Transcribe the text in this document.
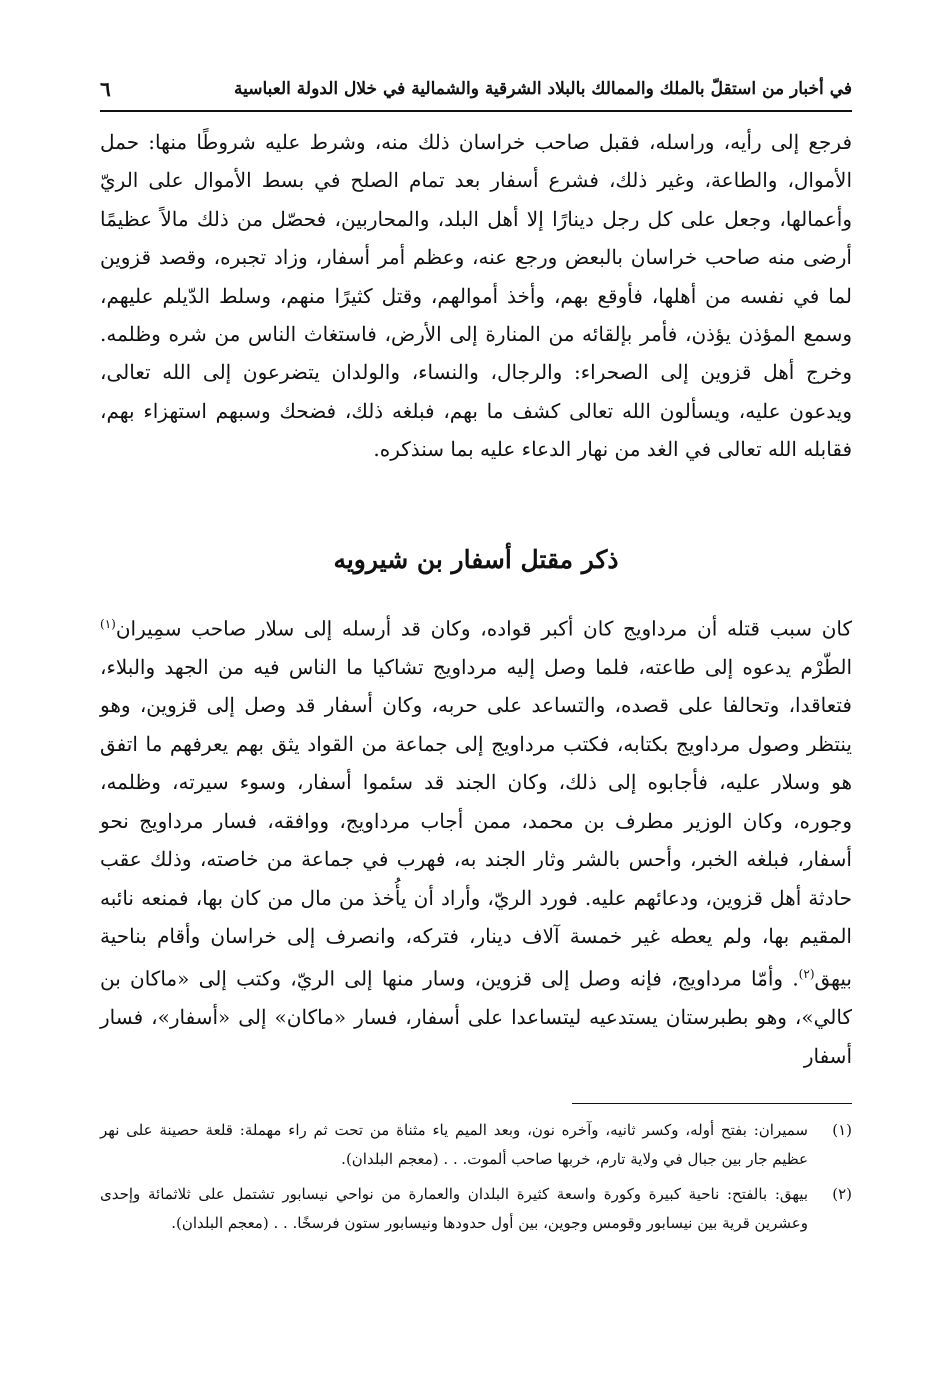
في أخبار من استقلّ بالملك والممالك بالبلاد الشرقية والشمالية في خلال الدولة العباسية
٦
فرجع إلى رأيه، وراسله، فقبل صاحب خراسان ذلك منه، وشرط عليه شروطًا منها: حمل الأموال، والطاعة، وغير ذلك، فشرع أسفار بعد تمام الصلح في بسط الأموال على الريّ وأعمالها، وجعل على كل رجل دينارًا إلا أهل البلد، والمحاربين، فحصّل من ذلك مالاً عظيمًا أرضى منه صاحب خراسان بالبعض ورجع عنه، وعظم أمر أسفار، وزاد تجبره، وقصد قزوين لما في نفسه من أهلها، فأوقع بهم، وأخذ أموالهم، وقتل كثيرًا منهم، وسلط الدّيلم عليهم، وسمع المؤذن يؤذن، فأمر بإلقائه من المنارة إلى الأرض، فاستغاث الناس من شره وظلمه. وخرج أهل قزوين إلى الصحراء: والرجال، والنساء، والولدان يتضرعون إلى الله تعالى، ويدعون عليه، ويسألون الله تعالى كشف ما بهم، فبلغه ذلك، فضحك وسبهم استهزاء بهم، فقابله الله تعالى في الغد من نهار الدعاء عليه بما سنذكره.
ذكر مقتل أسفار بن شيرويه
كان سبب قتله أن مرداويج كان أكبر قواده، وكان قد أرسله إلى سلار صاحب سمِيران$^{(١)}$ الطّرْم يدعوه إلى طاعته، فلما وصل إليه مرداويج تشاكيا ما الناس فيه من الجهد والبلاء، فتعاقدا، وتحالفا على قصده، والتساعد على حربه، وكان أسفار قد وصل إلى قزوين، وهو ينتظر وصول مرداويج بكتابه، فكتب مرداويج إلى جماعة من القواد يثق بهم يعرفهم ما اتفق هو وسلار عليه، فأجابوه إلى ذلك، وكان الجند قد سئموا أسفار، وسوء سيرته، وظلمه، وجوره، وكان الوزير مطرف بن محمد، ممن أجاب مرداويج، ووافقه، فسار مرداويج نحو أسفار، فبلغه الخبر، وأحس بالشر وثار الجند به، فهرب في جماعة من خاصته، وذلك عقب حادثة أهل قزوين، ودعائهم عليه. فورد الريّ، وأراد أن يأُخذ من مال من كان بها، فمنعه نائبه المقيم بها، ولم يعطه غير خمسة آلاف دينار، فتركه، وانصرف إلى خراسان وأقام بناحية بيهق$^{(٢)}$. وأمّا مرداويج، فإنه وصل إلى قزوين، وسار منها إلى الريّ، وكتب إلى «ماكان بن كالي»، وهو بطبرستان يستدعيه ليتساعدا على أسفار، فسار «ماكان» إلى «أسفار»، فسار أسفار
(١)
سميران: بفتح أوله، وكسر ثانيه، وآخره نون، وبعد الميم ياء مثناة من تحت ثم راء مهملة: قلعة حصينة على نهر عظيم جار بين جبال في ولاية تارم، خربها صاحب ألموت. . . (معجم البلدان).
(٢)
بيهق: بالفتح: ناحية كبيرة وكورة واسعة كثيرة البلدان والعمارة من نواحي نيسابور تشتمل على ثلاثمائة وإحدى وعشرين قرية بين نيسابور وقومس وجوين، بين أول حدودها ونيسابور ستون فرسخًا. . . (معجم البلدان).
